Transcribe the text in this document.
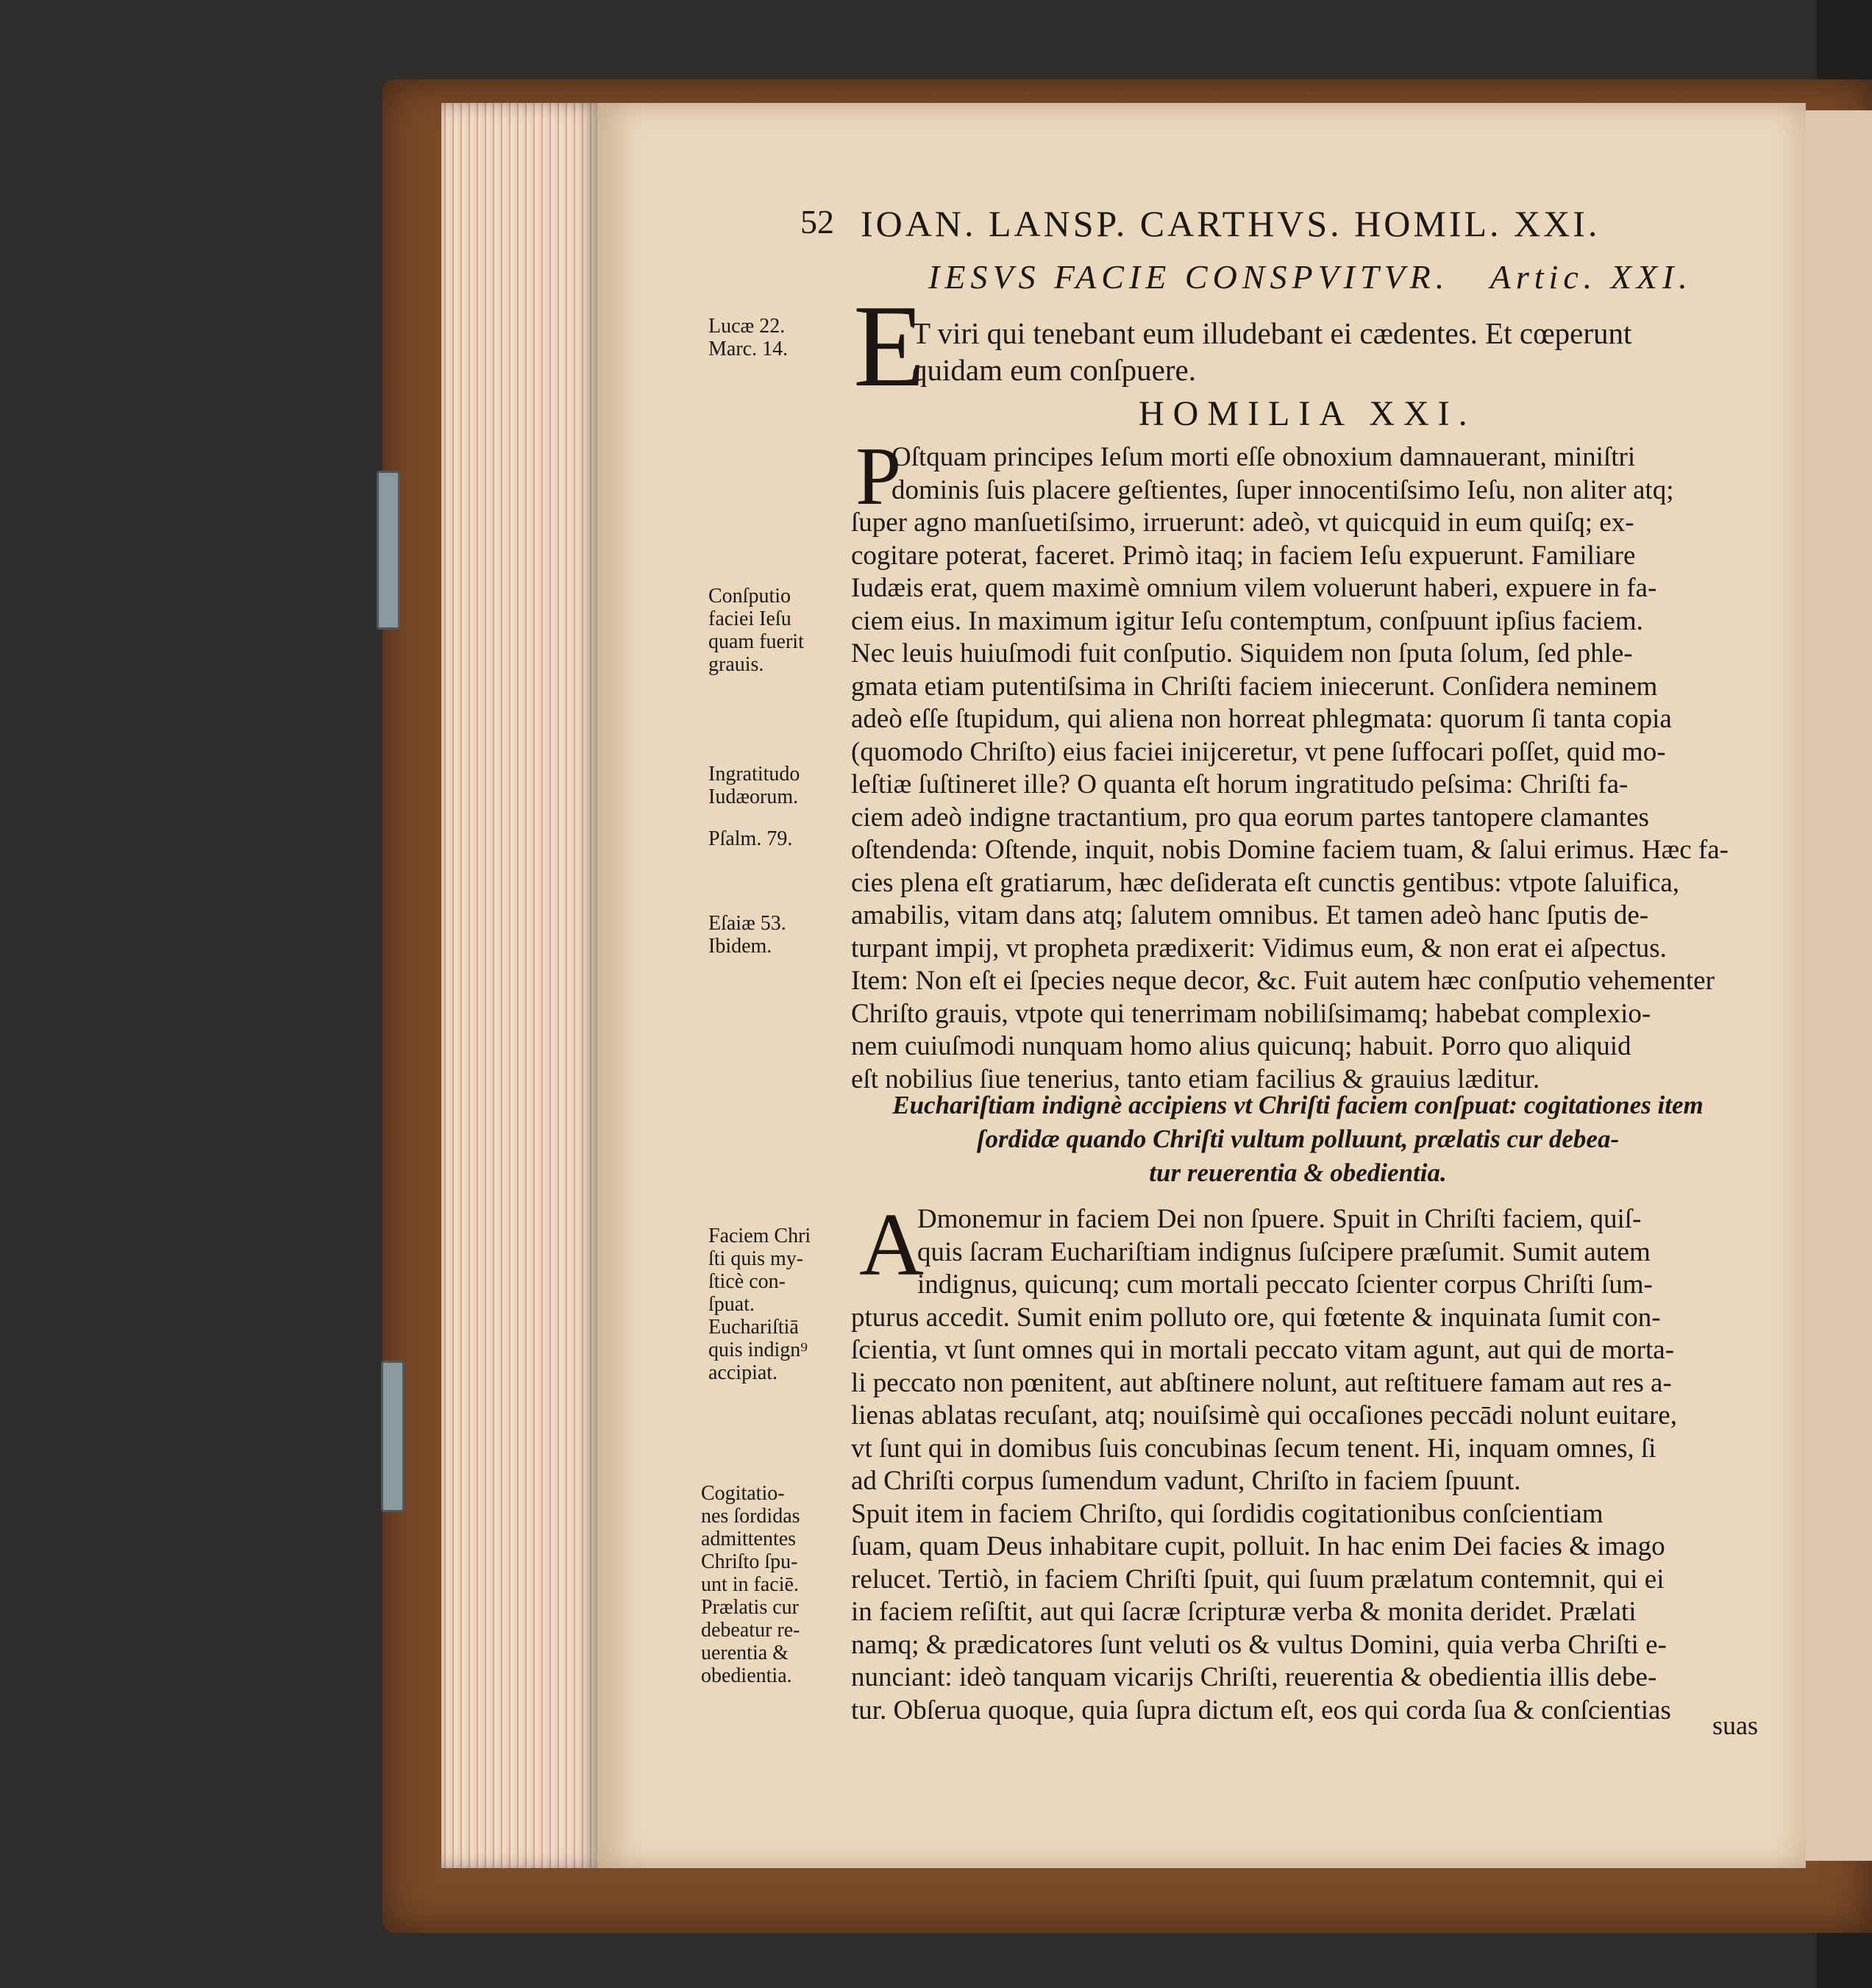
52 IOAN. LANSP. CARTHVS. HOMIL. XXI.
IESVS FACIE CONSPVITVR. Artic. XXI.
E
T viri qui tenebant eum illudebant ei cædentes. Et cœperunt
quidam eum conſpuere.
HOMILIA XXI.
P
Oſtquam principes Ieſum morti eſſe obnoxium damnauerant, miniſtri
dominis ſuis placere geſtientes, ſuper innocentiſsimo Ieſu, non aliter atq;
ſuper agno manſuetiſsimo, irruerunt: adeò, vt quicquid in eum quiſq; ex-
cogitare poterat, faceret. Primò itaq; in faciem Ieſu expuerunt. Familiare
Iudæis erat, quem maximè omnium vilem voluerunt haberi, expuere in fa-
ciem eius. In maximum igitur Ieſu contemptum, conſpuunt ipſius faciem.
Nec leuis huiuſmodi fuit conſputio. Siquidem non ſputa ſolum, ſed phle-
gmata etiam putentiſsima in Chriſti faciem iniecerunt. Conſidera neminem
adeò eſſe ſtupidum, qui aliena non horreat phlegmata: quorum ſi tanta copia
(quomodo Chriſto) eius faciei inijceretur, vt pene ſuffocari poſſet, quid mo-
leſtiæ ſuſtineret ille? O quanta eſt horum ingratitudo peſsima: Chriſti fa-
ciem adeò indigne tractantium, pro qua eorum partes tantopere clamantes
oſtendenda: Oſtende, inquit, nobis Domine faciem tuam, & ſalui erimus. Hæc fa-
cies plena eſt gratiarum, hæc deſiderata eſt cunctis gentibus: vtpote ſaluifica,
amabilis, vitam dans atq; ſalutem omnibus. Et tamen adeò hanc ſputis de-
turpant impij, vt propheta prædixerit: Vidimus eum, & non erat ei aſpectus.
Item: Non eſt ei ſpecies neque decor, &c. Fuit autem hæc conſputio vehementer
Chriſto grauis, vtpote qui tenerrimam nobiliſsimamq; habebat complexio-
nem cuiuſmodi nunquam homo alius quicunq; habuit. Porro quo aliquid
eſt nobilius ſiue tenerius, tanto etiam facilius & grauius læditur.
Euchariſtiam indignè accipiens vt Chriſti faciem conſpuat: cogitationes item
ſordidæ quando Chriſti vultum polluunt, prælatis cur debea-
tur reuerentia & obedientia.
A
Dmonemur in faciem Dei non ſpuere. Spuit in Chriſti faciem, quiſ-
quis ſacram Euchariſtiam indignus ſuſcipere præſumit. Sumit autem
indignus, quicunq; cum mortali peccato ſcienter corpus Chriſti ſum-
pturus accedit. Sumit enim polluto ore, qui fœtente & inquinata ſumit con-
ſcientia, vt ſunt omnes qui in mortali peccato vitam agunt, aut qui de morta-
li peccato non pœnitent, aut abſtinere nolunt, aut reſtituere famam aut res a-
lienas ablatas recuſant, atq; nouiſsimè qui occaſiones peccādi nolunt euitare,
vt ſunt qui in domibus ſuis concubinas ſecum tenent. Hi, inquam omnes, ſi
ad Chriſti corpus ſumendum vadunt, Chriſto in faciem ſpuunt.
Spuit item in faciem Chriſto, qui ſordidis cogitationibus conſcientiam
ſuam, quam Deus inhabitare cupit, polluit. In hac enim Dei facies & imago
relucet. Tertiò, in faciem Chriſti ſpuit, qui ſuum prælatum contemnit, qui ei
in faciem reſiſtit, aut qui ſacræ ſcripturæ verba & monita deridet. Prælati
namq; & prædicatores ſunt veluti os & vultus Domini, quia verba Chriſti e-
nunciant: ideò tanquam vicarijs Chriſti, reuerentia & obedientia illis debe-
tur. Obſerua quoque, quia ſupra dictum eſt, eos qui corda ſua & conſcientias
suas
Lucæ 22.
Marc. 14.
Conſputio
faciei Ieſu
quam fuerit
grauis.
Ingratitudo
Iudæorum.
Pſalm. 79.
Eſaiæ 53.
Ibidem.
Faciem Chri
ſti quis my-
ſticè con-
ſpuat.
Euchariſtiā
quis indign⁹
accipiat.
Cogitatio-
nes ſordidas
admittentes
Chriſto ſpu-
unt in faciē.
Prælatis cur
debeatur re-
uerentia &
obedientia.
